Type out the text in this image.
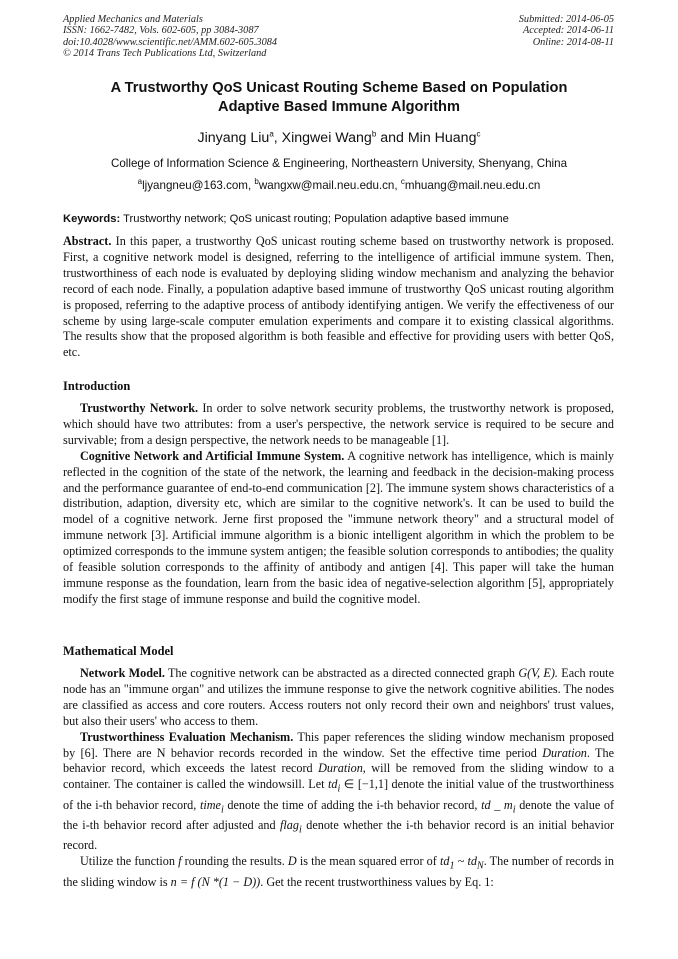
Applied Mechanics and Materials
ISSN: 1662-7482, Vols. 602-605, pp 3084-3087
doi:10.4028/www.scientific.net/AMM.602-605.3084
© 2014 Trans Tech Publications Ltd, Switzerland
Submitted: 2014-06-05
Accepted: 2014-06-11
Online: 2014-08-11
A Trustworthy QoS Unicast Routing Scheme Based on Population
Adaptive Based Immune Algorithm
Jinyang Liu$^a$, Xingwei Wang$^b$ and Min Huang$^c$
College of Information Science & Engineering, Northeastern University, Shenyang, China
$^a$ljyangneu@163.com, $^b$wangxw@mail.neu.edu.cn, $^c$mhuang@mail.neu.edu.cn
Keywords: Trustworthy network; QoS unicast routing; Population adaptive based immune

Abstract. In this paper, a trustworthy QoS unicast routing scheme based on trustworthy network is proposed. First, a cognitive network model is designed, referring to the intelligence of artificial immune system. Then, trustworthiness of each node is evaluated by deploying sliding window mechanism and analyzing the behavior record of each node. Finally, a population adaptive based immune of trustworthy QoS unicast routing algorithm is proposed, referring to the adaptive process of antibody identifying antigen. We verify the effectiveness of our scheme by using large-scale computer emulation experiments and compare it to existing classical algorithms. The results show that the proposed algorithm is both feasible and effective for providing users with better QoS, etc.

Introduction

Trustworthy Network. In order to solve network security problems, the trustworthy network is proposed, which should have two attributes: from a user's perspective, the network service is required to be secure and survivable; from a design perspective, the network needs to be manageable [1].

Cognitive Network and Artificial Immune System. A cognitive network has intelligence, which is mainly reflected in the cognition of the state of the network, the learning and feedback in the decision-making process and the performance guarantee of end-to-end communication [2]. The immune system shows characteristics of a distribution, adaption, diversity etc, which are similar to the cognitive network's. It can be used to build the model of a cognitive network. Jerne first proposed the "immune network theory" and a structural model of immune network [3]. Artificial immune algorithm is a bionic intelligent algorithm in which the problem to be optimized corresponds to the immune system antigen; the feasible solution corresponds to antibodies; the quality of feasible solution corresponds to the affinity of antibody and antigen [4]. This paper will take the human immune response as the foundation, learn from the basic idea of negative-selection algorithm [5], appropriately modify the first stage of immune response and build the cognitive model.

Mathematical Model

Network Model. The cognitive network can be abstracted as a directed connected graph G(V, E). Each route node has an "immune organ" and utilizes the immune response to give the network cognitive abilities. The nodes are classified as access and core routers. Access routers not only record their own and neighbors' trust values, but also their users' who access to them.

Trustworthiness Evaluation Mechanism. This paper references the sliding window mechanism proposed by [6]. There are N behavior records recorded in the window. Set the effective time period Duration. The behavior record, which exceeds the latest record Duration, will be removed from the sliding window to a container. The container is called the windowsill. Let $td_i$ ∈ [−1,1] denote the initial value of the trustworthiness of the i-th behavior record, time$_i$ denote the time of adding the i-th behavior record, td _ $m_i$ denote the value of the i-th behavior record after adjusted and flag$_i$ denote whether the i-th behavior record is an initial behavior record.

Utilize the function f rounding the results. D is the mean squared error of $td_1$ ~ $td_N$. The number of records in the sliding window is n = f (N *(1 − D)). Get the recent trustworthiness values by Eq. 1:
